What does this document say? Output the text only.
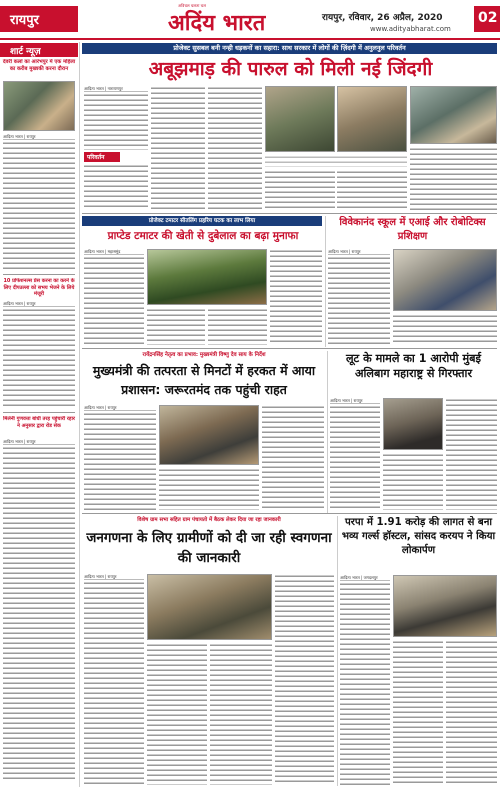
रायपुर
अविचल चलता चल
अदिंय भारत	रायपुर, रविवार, 26 अप्रैल, 2020
www.adityabharat.com
02
शार्ट न्यूज़
देवरी कलां का आरंभपुर मे एक महिला का करीब मुख्यकी करना दौरान
आदित्य भारत | रायपुर
10 प्रोफेशनल्स प्रेस करना का करने के लिए दीपउल्ला को सभय भेजने के लिये मंजूरी
आदित्य भारत | रायपुर
मिलेनी गुणवत्ता बांधी तरह पहुंचारी रहार ने अनुसार द्वारा रोड सेक
आदित्य भारत | रायपुर
प्रोजेक्ट सुसबल बनी नन्ही धड़कनों का सहारा: साथ सरकार में लोगों की ज़िंदगी में अनुलनुल परिवर्तन
अबूझमाड़ की पारुल को मिली नई जिंदगी
आदित्य भारत | नारायणपुर
परिवर्तन
प्रोजेक्ट टमाटर सीतलिंग प्रहरिय घटक का लाभ लिया
प्राप्टेड टमाटर की खेती से दुबेलाल का बढ़ा मुनाफा
आदित्य भारत | महासमुंद
विवेकानंद स्कूल में एआई और रोबोटिक्स प्रशिक्षण
आदित्य भारत | रायपुर
रायेंद्रनसिंह नेतृत्व का प्रभाव: मुख्यमंत्री विष्णु देव साय के निर्देश
मुख्यमंत्री की तत्परता से मिनटों में हरकत में आया प्रशासन: जरूरतमंद तक पहुंची राहत
आदित्य भारत | रायपुर
लूट के मामले का 1 आरोपी मुंबई अलिबाग महाराष्ट्र से गिरफ्तार
आदित्य भारत | रायपुर
विशेष ग्राम सभा सहित ग्राम पंचायतो में बैठक लेकर दिया जा रहा जानकारी
जनगणना के लिए ग्रामीणों को दी जा रही स्वगणना की जानकारी
आदित्य भारत | रायपुर
परपा में 1.91 करोड़ की लागत से बना भव्य गर्ल्स हॉस्टल, सांसद करयप ने किया लोकार्पण
आदित्य भारत | जगदलपुर
